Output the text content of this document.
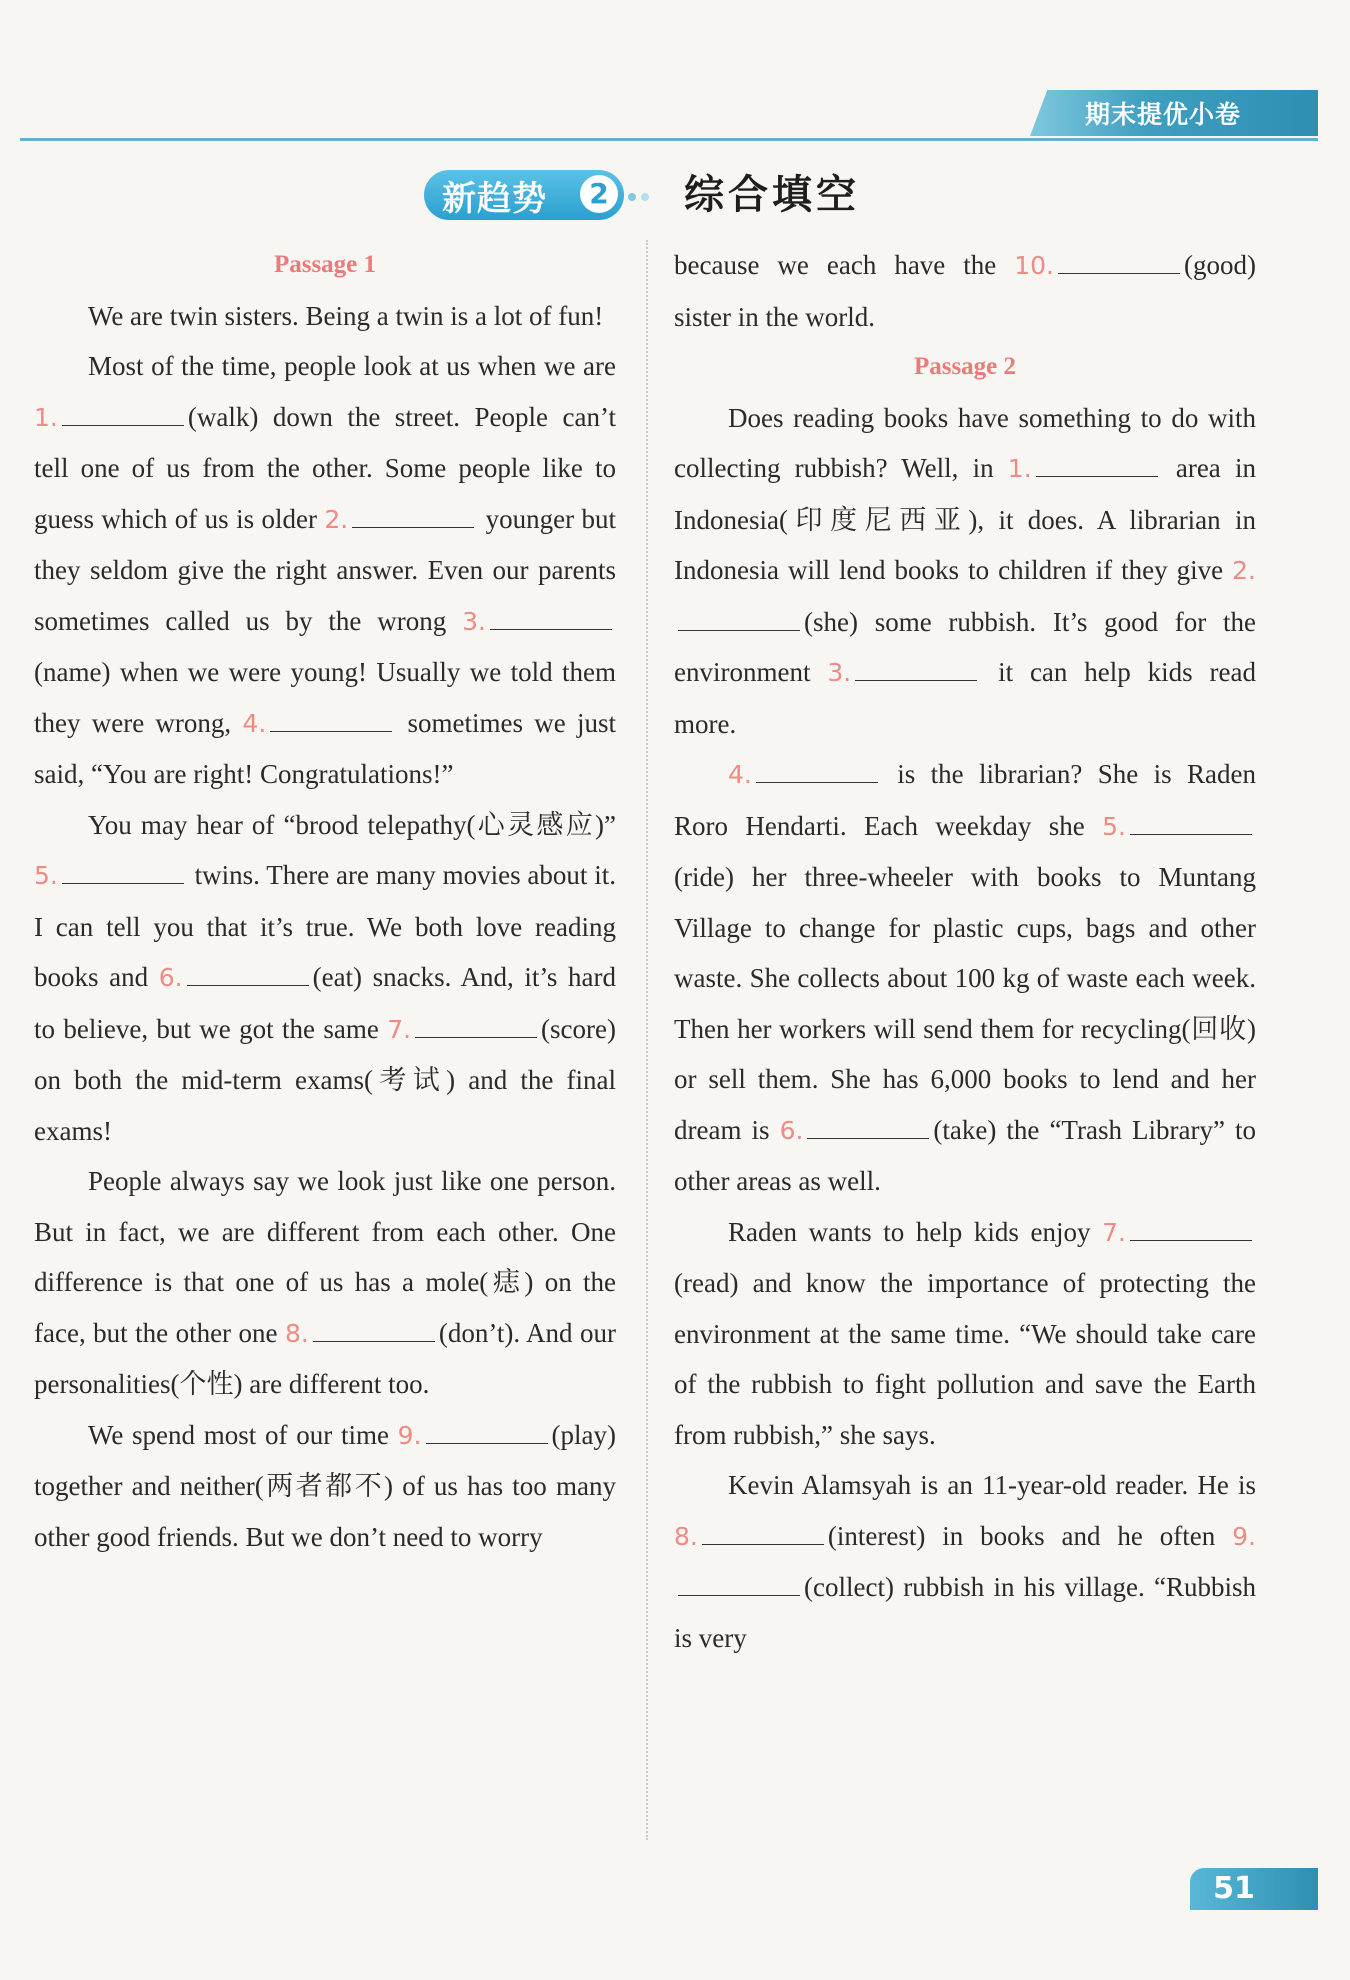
期末提优小卷
新趋势	2 综合填空

Passage 1

We are twin sisters. Being a twin is a lot of fun!

Most of the time, people look at us when we are 1.	(walk) down the street. People can’t tell one of us from the other. Some people like to guess which of us is older 2.	younger but they seldom give the right answer. Even our parents sometimes called us by the wrong 3.(name) when we were young! Usually we told them they were wrong, 4.	sometimes we just said, “You are right! Congratulations!”

You may hear of “brood telepathy(心灵感应)” 5.	twins. There are many movies about it. I can tell you that it’s true. We both love reading books and 6.	(eat) snacks. And, it’s hard to believe, but we got the same 7.	(score) on both the mid-term exams(考试) and the final exams!

People always say we look just like one person. But in fact, we are different from each other. One difference is that one of us has a mole(痣) on the face, but the other one 8.	(don’t). And our personalities(个性) are different too.

We spend most of our time 9.	(play) together and neither(两者都不) of us has too many other good friends. But we don’t need to worry

because we each have the 10.	(good) sister in the world.

Passage 2

Does reading books have something to do with collecting rubbish? Well, in 1.	area in Indonesia(印度尼西亚), it does. A librarian in Indonesia will lend books to children if they give 2.(she) some rubbish. It’s good for the environment 3.	it can help kids read more.

4.	is the librarian? She is Raden Roro Hendarti. Each weekday she 5.(ride) her three-wheeler with books to Muntang Village to change for plastic cups, bags and other waste. She collects about 100 kg of waste each week. Then her workers will send them for recycling(回收) or sell them. She has 6,000 books to lend and her dream is 6.	(take) the “Trash Library” to other areas as well.

Raden wants to help kids enjoy 7.(read) and know the importance of protecting the environment at the same time. “We should take care of the rubbish to fight pollution and save the Earth from rubbish,” she says.

Kevin Alamsyah is an 11-year-old reader. He is 8.	(interest) in books and he often 9.(collect) rubbish in his village. “Rubbish is very

51
